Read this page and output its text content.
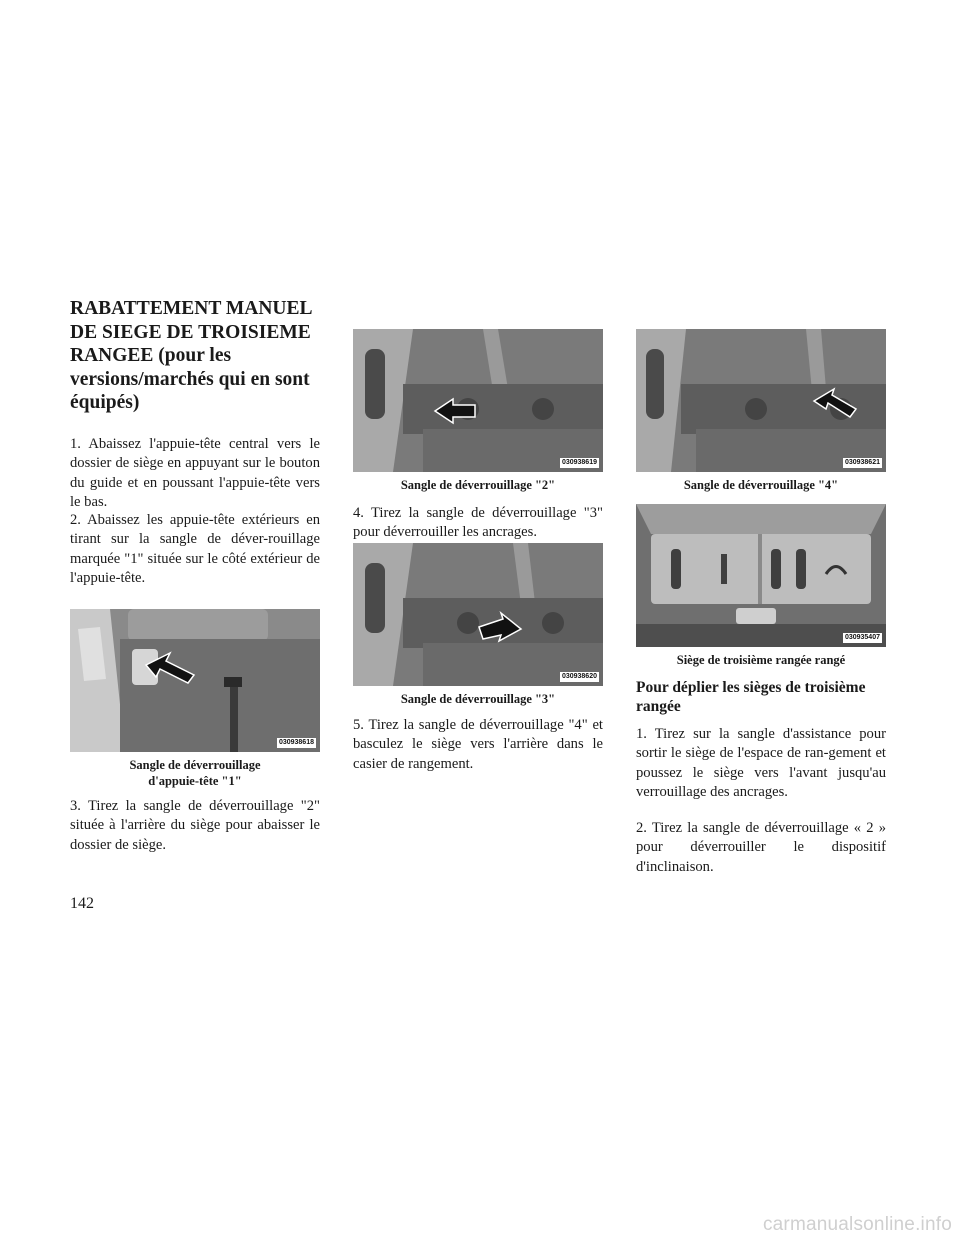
RABATTEMENT MANUEL DE SIEGE DE TROISIEME RANGEE (pour les versions/marchés qui en sont équipés)

1. Abaissez l'appuie-tête central vers le dossier de siège en appuyant sur le bouton du guide et en poussant l'appuie-tête vers le bas.

2. Abaissez les appuie-tête extérieurs en tirant sur la sangle de déver-rouillage marquée "1" située sur le côté extérieur de l'appuie-tête.

030938618

Sangle de déverrouillage
d'appuie-tête "1"

3. Tirez la sangle de déverrouillage "2" située à l'arrière du siège pour abaisser le dossier de siège.

030938619

Sangle de déverrouillage "2"

4. Tirez la sangle de déverrouillage "3" pour déverrouiller les ancrages.

030938620

Sangle de déverrouillage "3"

5. Tirez la sangle de déverrouillage "4" et basculez le siège vers l'arrière dans le casier de rangement.

030938621

Sangle de déverrouillage "4"

030935407

Siège de troisième rangée rangé

Pour déplier les sièges de troisième rangée

1. Tirez sur la sangle d'assistance pour sortir le siège de l'espace de ran-gement et poussez le siège vers l'avant jusqu'au verrouillage des ancrages.

2. Tirez la sangle de déverrouillage « 2 » pour déverrouiller le dispositif d'inclinaison.

142

carmanualsonline.info
